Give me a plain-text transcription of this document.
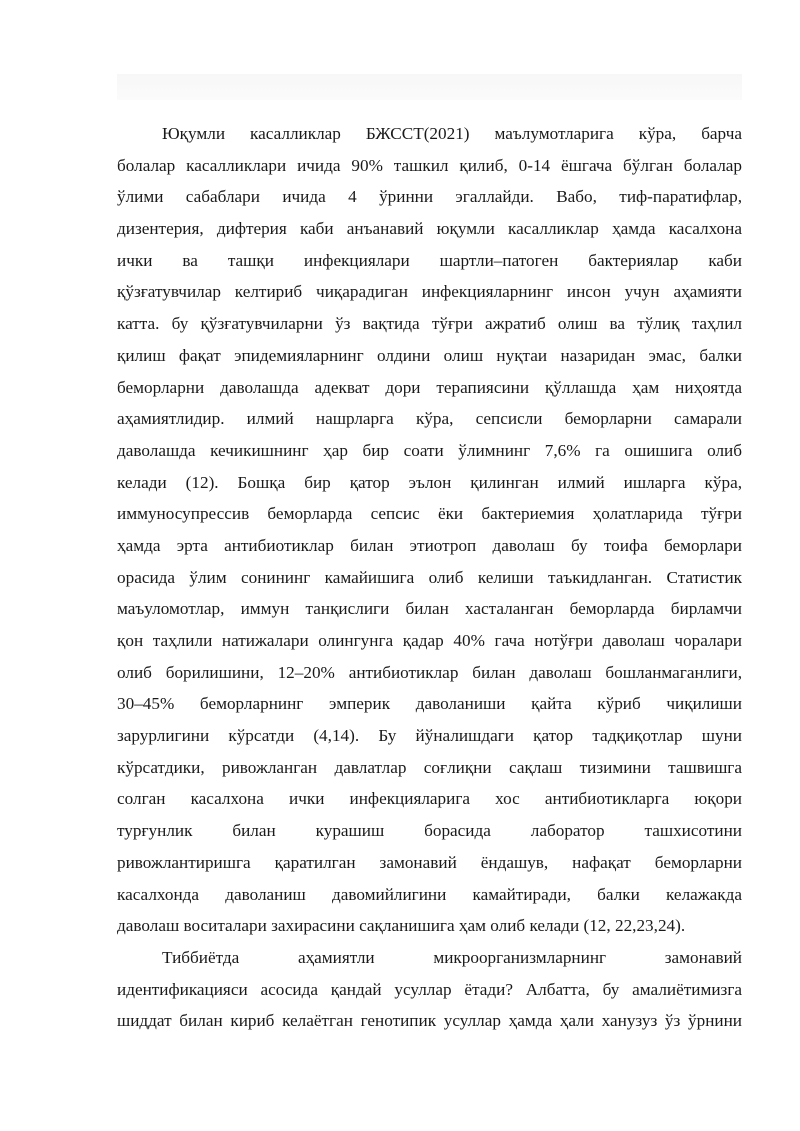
Юқумли касалликлар БЖССТ(2021) маълумотларига кўра, барча
болалар касалликлари ичида 90% ташкил қилиб, 0-14 ёшгача бўлган болалар
ўлими сабаблари ичида 4 ўринни эгаллайди. Вабо, тиф-паратифлар,
дизентерия, дифтерия каби анъанавий юқумли касалликлар ҳамда касалхона
ички ва ташқи инфекциялари шартли–патоген бактериялар каби
қўзғатувчилар келтириб чиқарадиган инфекцияларнинг инсон учун аҳамияти
катта. бу қўзғатувчиларни ўз вақтида тўғри ажратиб олиш ва тўлиқ таҳлил
қилиш фақат эпидемияларнинг олдини олиш нуқтаи назаридан эмас, балки
беморларни даволашда адекват дори терапиясини қўллашда ҳам ниҳоятда
аҳамиятлидир. илмий нашрларга кўра, сепсисли беморларни самарали
даволашда кечикишнинг ҳар бир соати ўлимнинг 7,6% га ошишига олиб
келади (12). Бошқа бир қатор эълон қилинган илмий ишларга кўра,
иммуносупрессив беморларда сепсис ёки бактериемия ҳолатларида тўғри
ҳамда эрта антибиотиклар билан этиотроп даволаш бу тоифа беморлари
орасида ўлим сонининг камайишига олиб келиши таъкидланган. Статистик
маъуломотлар, иммун танқислиги билан хасталанган беморларда бирламчи
қон таҳлили натижалари олингунга қадар 40% гача нотўғри даволаш чоралари
олиб борилишини, 12–20% антибиотиклар билан даволаш бошланмаганлиги,
30–45% беморларнинг эмперик даволаниши қайта кўриб чиқилиши
зарурлигини кўрсатди (4,14). Бу йўналишдаги қатор тадқиқотлар шуни
кўрсатдики, ривожланган давлатлар соғлиқни сақлаш тизимини ташвишга
солган касалхона ички инфекцияларига хос антибиотикларга юқори
турғунлик билан курашиш борасида лаборатор ташхисотини
ривожлантиришга қаратилган замонавий ёндашув, нафақат беморларни
касалхонда даволаниш давомийлигини камайтиради, балки келажакда
даволаш воситалари захирасини сақланишига ҳам олиб келади (12, 22,23,24).
Тиббиётда аҳамиятли микроорганизмларнинг замонавий
идентификацияси асосида қандай усуллар ётади? Албатта, бу амалиётимизга
шиддат билан кириб келаётган генотипик усуллар ҳамда ҳали ханузуз ўз ўрнини
